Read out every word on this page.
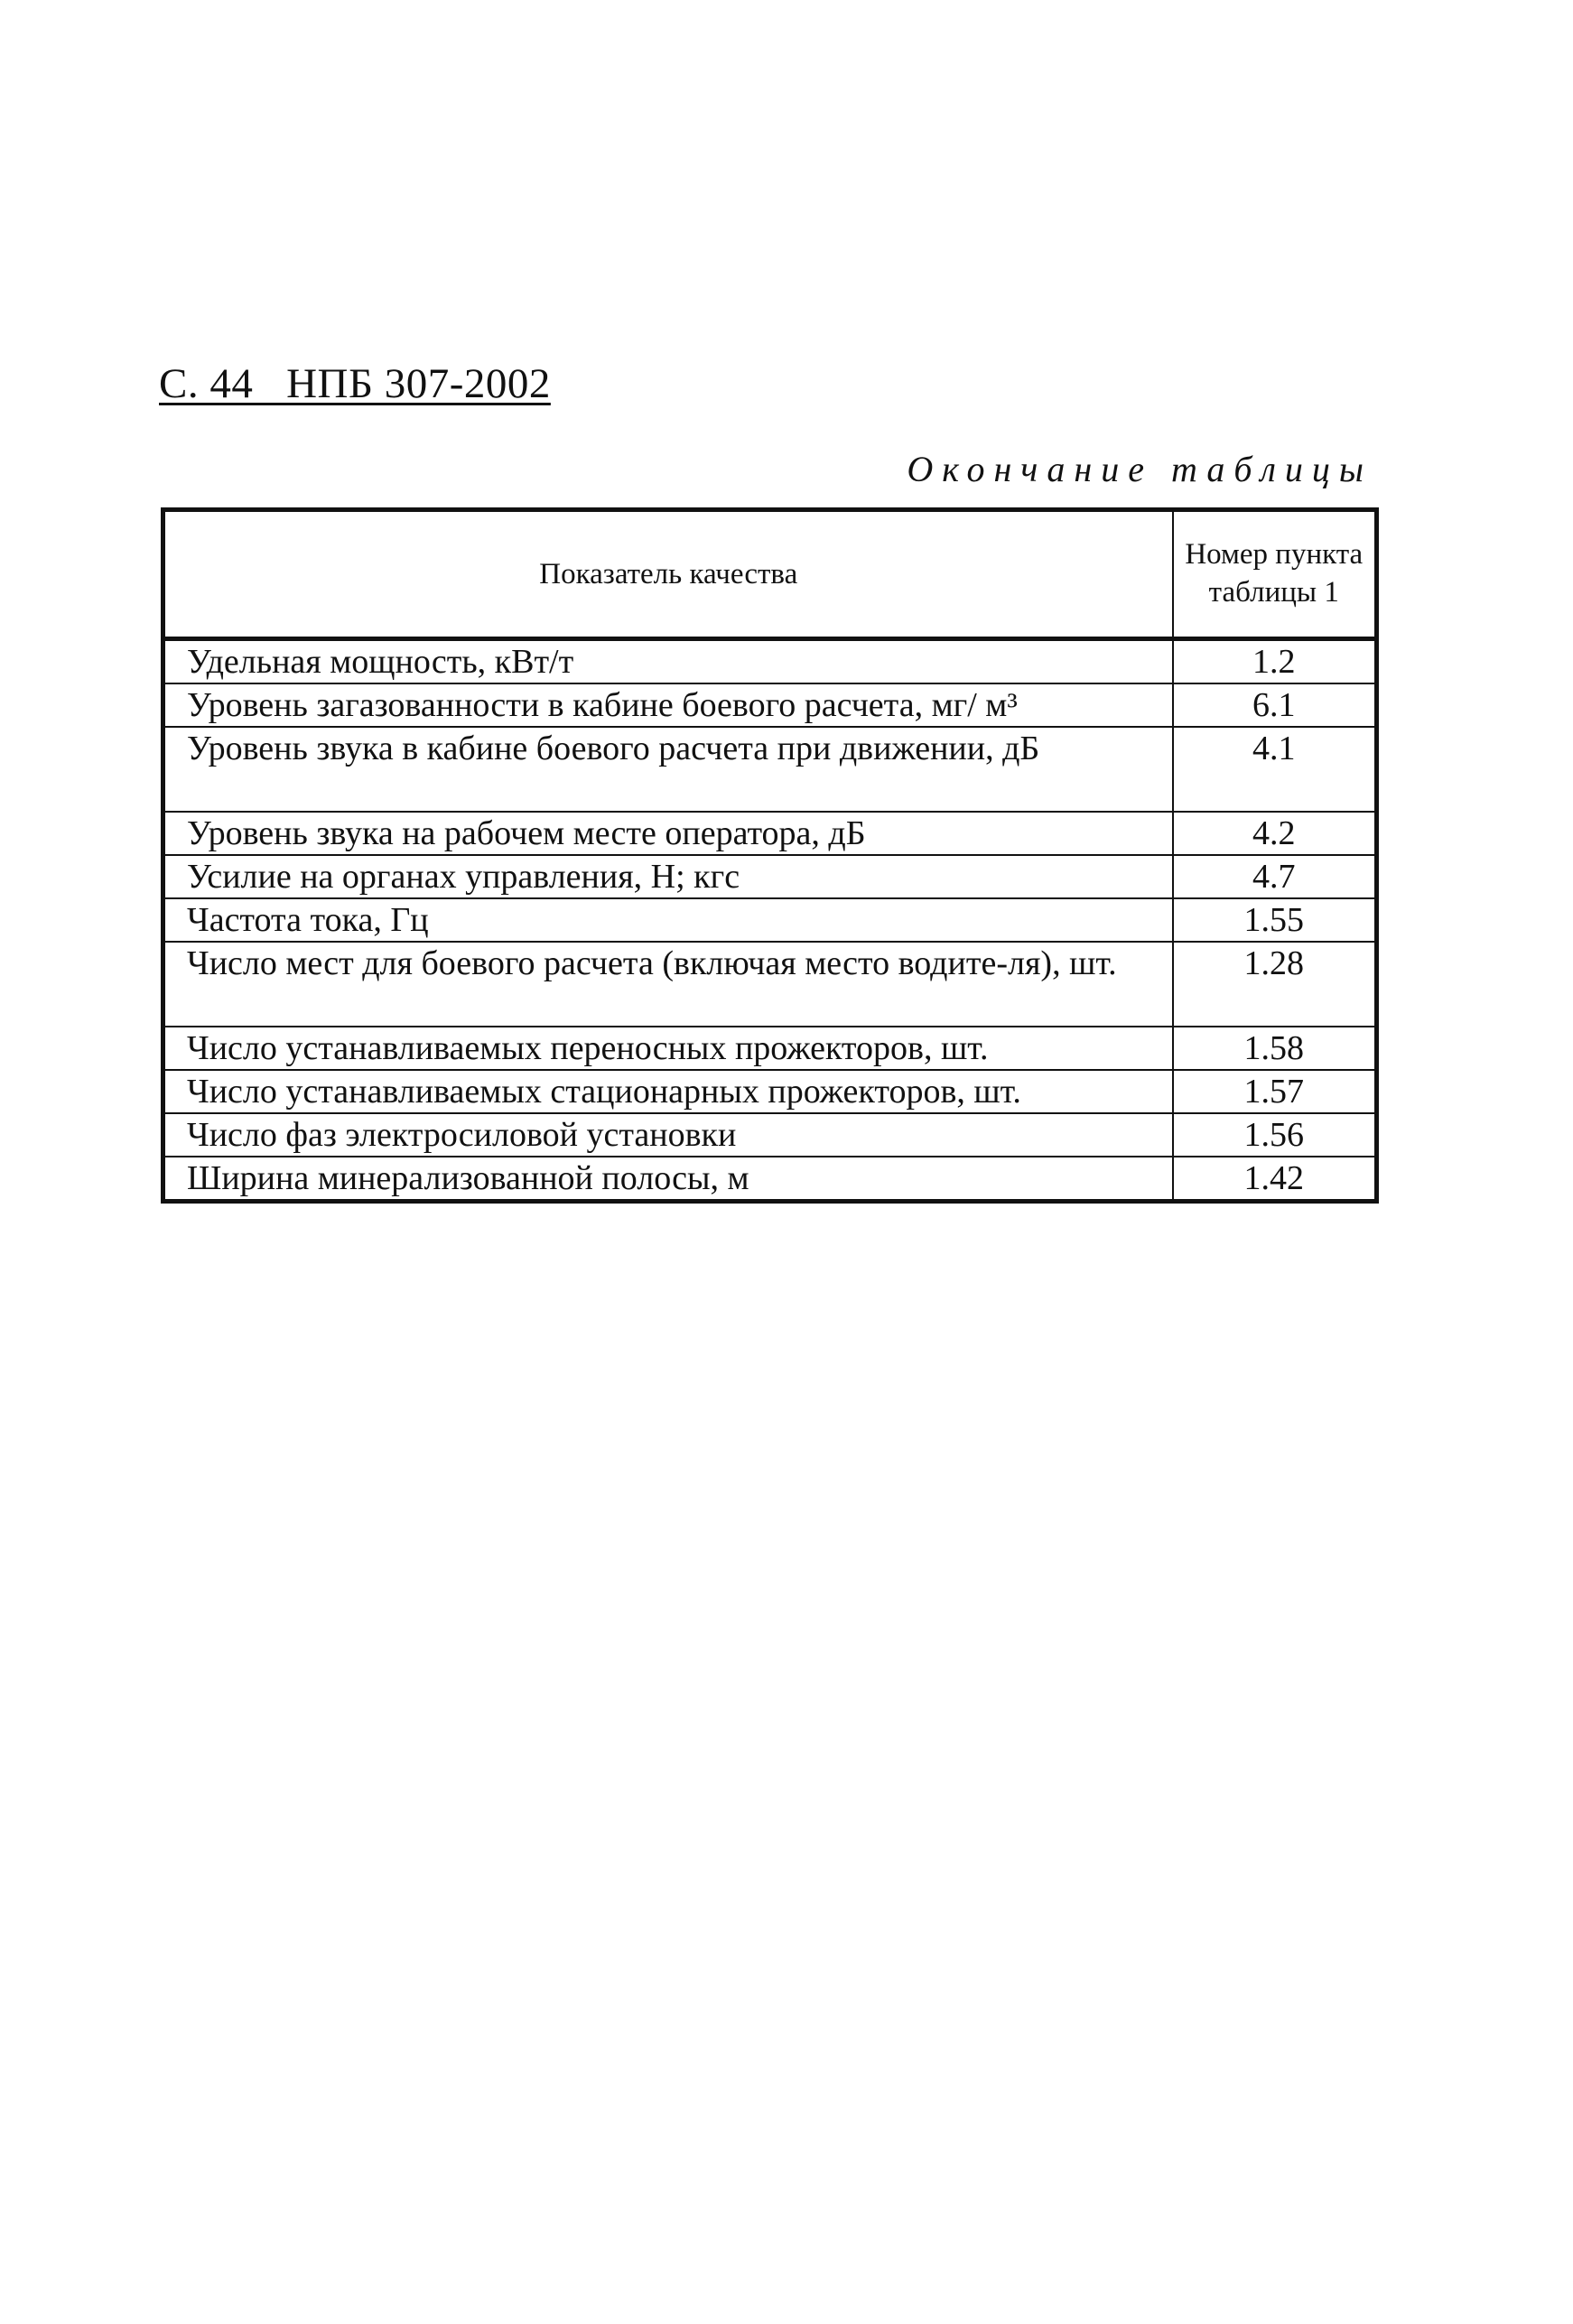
С. 44   НПБ 307-2002
Окончание таблицы
Показатель качества	Номер пункта таблицы 1
Удельная мощность, кВт/т	1.2
Уровень загазованности в кабине боевого расчета, мг/ м³	6.1
Уровень звука в кабине боевого расчета при движении, дБ	4.1
Уровень звука на рабочем месте оператора, дБ	4.2
Усилие на органах управления, Н; кгс	4.7
Частота тока, Гц	1.55
Число мест для боевого расчета (включая место водите-ля), шт.	1.28
Число устанавливаемых переносных прожекторов, шт.	1.58
Число устанавливаемых стационарных прожекторов, шт.	1.57
Число фаз электросиловой установки	1.56
Ширина минерализованной полосы, м	1.42
